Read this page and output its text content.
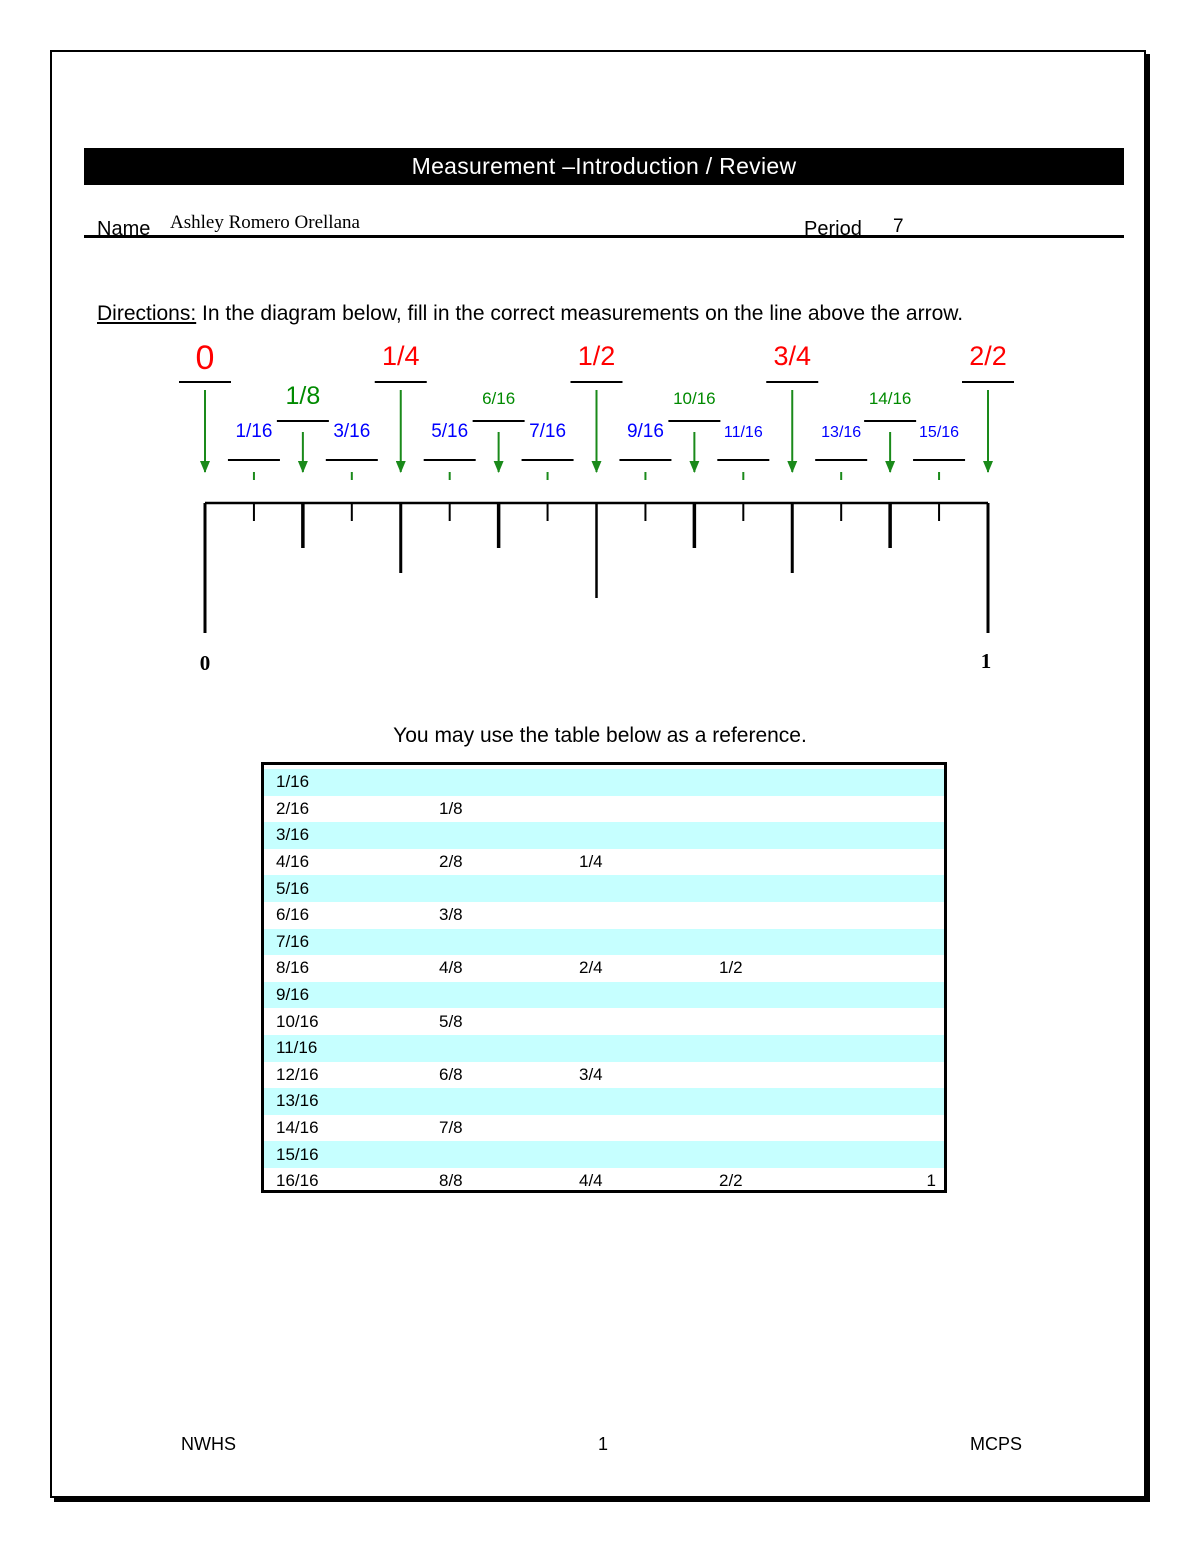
Measurement –Introduction / Review
Name Ashley Romero Orellana	Period 7
Directions: In the diagram below, fill in the correct measurements on the line above the arrow.
0
1/16
1/8
3/16
1/4
5/16
6/16
7/16
1/2
9/16
10/16
11/16
3/4
13/16
14/16
15/16
2/2
0	1
You may use the table below as a reference.
1/16
2/16	1/8
3/16
4/16	2/8	1/4
5/16
6/16	3/8
7/16
8/16	4/8	2/4	1/2
9/16
10/16	5/8
11/16
12/16	6/8	3/4
13/16
14/16	7/8
15/16
16/16	8/8	4/4	2/2	1
NWHS	1	MCPS
